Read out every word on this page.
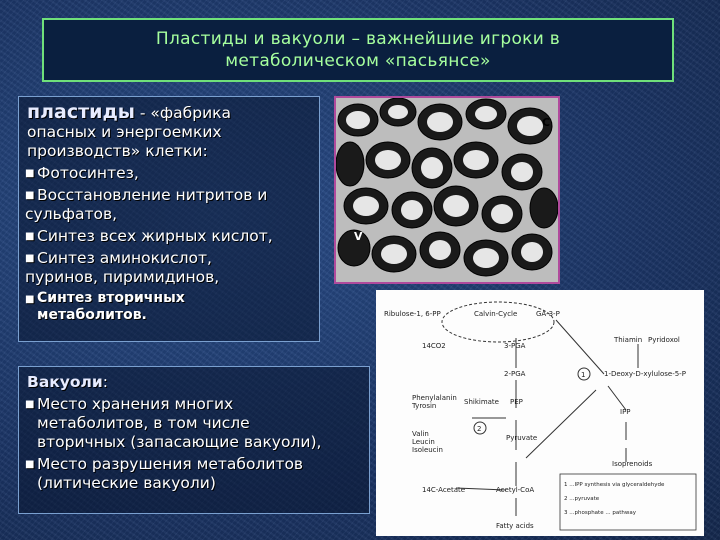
Пластиды и вакуоли – важнейшие игроки в
метаболическом «пасьянсе»
пластиды - «фабрика
опасных и энергоемких
производств» клетки:
■ Фотосинтез,
■ Восстановление нитритов и
сульфатов,
■ Синтез всех жирных кислот,
■ Синтез аминокислот,
пуринов, пиримидинов,
■ Синтез вторичных
метаболитов.
Вакуоли:
■ Место хранения многих
метаболитов, в том числе
вторичных (запасающие вакуоли),
■ Место разрушения метаболитов
(литические вакуоли)
C
V
Ribulose-1, 6-PP	Calvin-Cycle	GA-3-P
Thiamin Pyridoxol
14CO2	3-PGA
2-PGA	1-Deoxy-D-xylulose-5-P
Phenylalanin
Tyrosin	Shikimate PEP
IPP
Valin
Leucin
Isoleucin
Pyruvate
14C-Acetate	Acetyl-CoA
Isoprenoids
Fatty acids
2
1
1 ...IPP synthesis via glyceraldehyde
2 ...pyruvate
3 ...phosphate ... pathway
